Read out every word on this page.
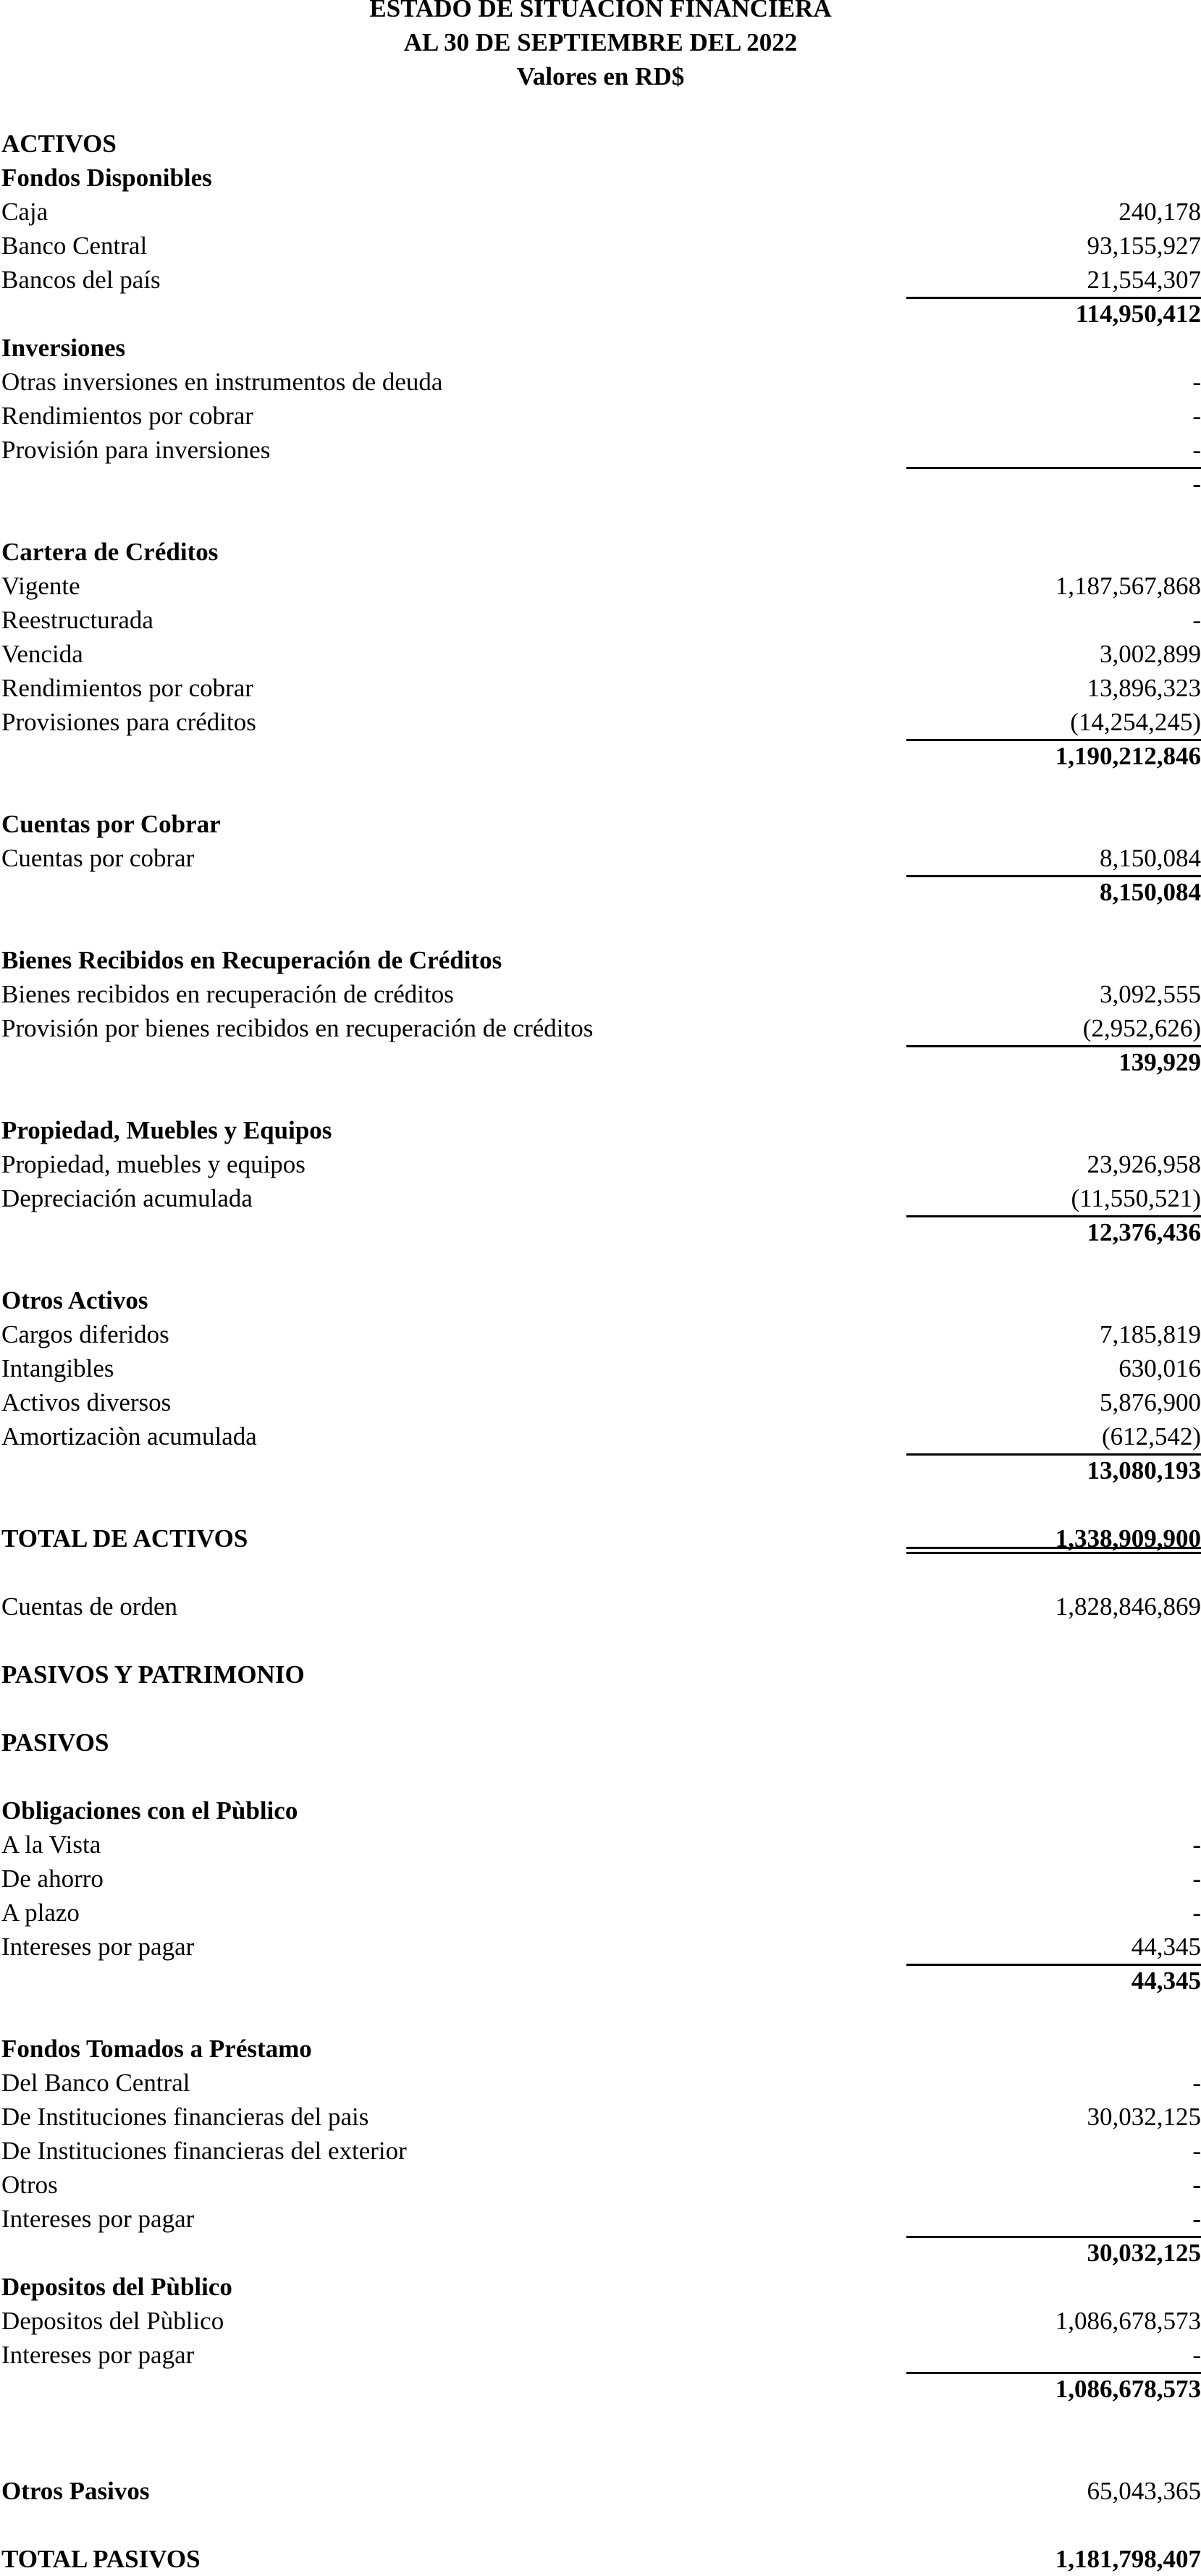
ESTADO DE SITUACION FINANCIERA
AL 30 DE SEPTIEMBRE DEL 2022
Valores en RD$
ACTIVOS
Fondos Disponibles
Caja	240,178
Banco Central	93,155,927
Bancos del país	21,554,307
114,950,412
Inversiones
Otras inversiones en instrumentos de deuda	-
Rendimientos por cobrar	-
Provisión para inversiones	-
-
Cartera de Créditos
Vigente	1,187,567,868
Reestructurada	-
Vencida	3,002,899
Rendimientos por cobrar	13,896,323
Provisiones para créditos	(14,254,245)
1,190,212,846
Cuentas por Cobrar
Cuentas por cobrar	8,150,084
8,150,084
Bienes Recibidos en Recuperación de Créditos
Bienes recibidos en recuperación de créditos	3,092,555
Provisión por bienes recibidos en recuperación de créditos	(2,952,626)
139,929
Propiedad, Muebles y Equipos
Propiedad, muebles y equipos	23,926,958
Depreciación acumulada	(11,550,521)
12,376,436
Otros Activos
Cargos diferidos	7,185,819
Intangibles	630,016
Activos diversos	5,876,900
Amortizaciòn acumulada	(612,542)
13,080,193
TOTAL DE ACTIVOS	1,338,909,900
Cuentas de orden	1,828,846,869
PASIVOS Y PATRIMONIO
PASIVOS
Obligaciones con el Pùblico
A la Vista	-
De ahorro	-
A plazo	-
Intereses por pagar	44,345
44,345
Fondos Tomados a Préstamo
Del Banco Central	-
De Instituciones financieras del pais	30,032,125
De Instituciones financieras del exterior	-
Otros	-
Intereses por pagar	-
30,032,125
Depositos del Pùblico
Depositos del Pùblico	1,086,678,573
Intereses por pagar	-
1,086,678,573
Otros Pasivos	65,043,365
TOTAL PASIVOS	1,181,798,407
